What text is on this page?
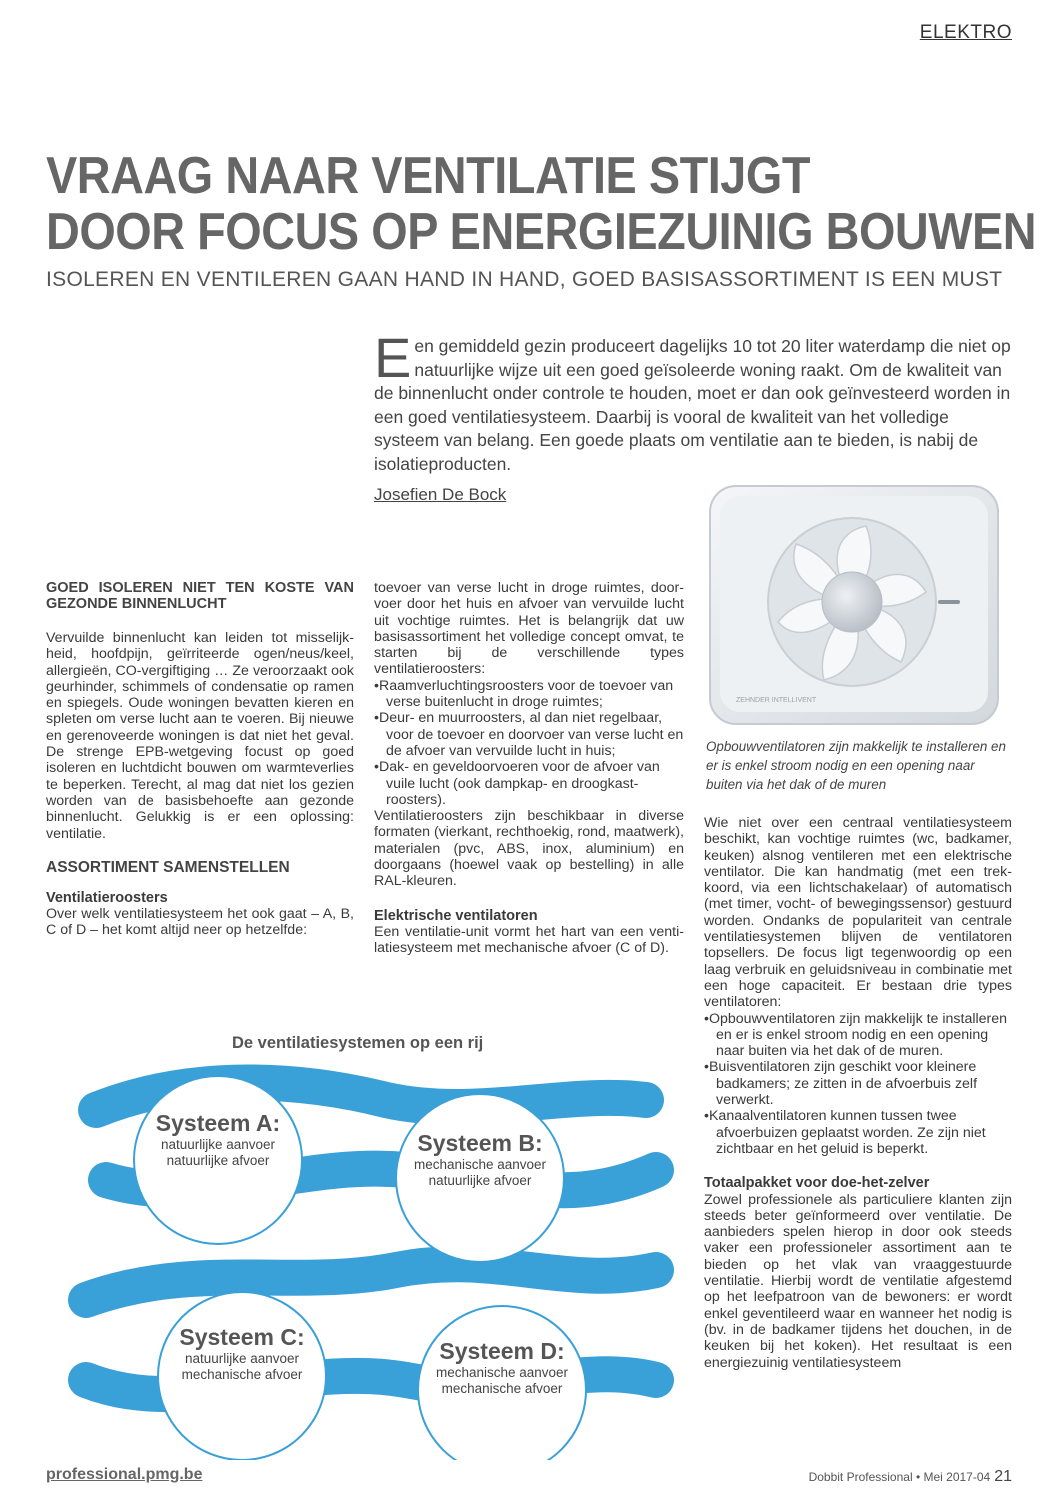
ELEKTRO
VRAAG NAAR VENTILATIE STIJGT
DOOR FOCUS OP ENERGIEZUINIG BOUWEN
ISOLEREN EN VENTILEREN GAAN HAND IN HAND, GOED BASISASSORTIMENT IS EEN MUST
Een gemiddeld gezin produceert dagelijks 10 tot 20 liter waterdamp die niet op natuurlijke wijze uit een goed geïsoleerde woning raakt. Om de kwaliteit van de binnenlucht onder controle te houden, moet er dan ook geïnvesteerd worden in een goed ventilatiesysteem. Daarbij is vooral de kwaliteit van het volledige systeem van belang. Een goede plaats om ventilatie aan te bieden, is nabij de isolatieproducten.
Josefien De Bock
GOED ISOLEREN NIET TEN KOSTE VAN GEZONDE BINNENLUCHT

Vervuilde binnenlucht kan leiden tot misselijkheid, hoofdpijn, geïrriteerde ogen/neus/keel, allergieën, CO-vergiftiging … Ze veroorzaakt ook geurhinder, schimmels of condensatie op ramen en spiegels. Oude woningen bevatten kieren en spleten om verse lucht aan te voeren. Bij nieuwe en gerenoveerde woningen is dat niet het geval. De strenge EPB-wetgeving focust op goed isoleren en luchtdicht bouwen om warmteverlies te beperken. Terecht, al mag dat niet los gezien worden van de basisbehoefte aan gezonde binnenlucht. Gelukkig is er een oplossing: ventilatie.

ASSORTIMENT SAMENSTELLEN
Ventilatieroosters

Over welk ventilatiesysteem het ook gaat – A, B, C of D – het komt altijd neer op hetzelfde:

toevoer van verse lucht in droge ruimtes, doorvoer door het huis en afvoer van vervuilde lucht uit vochtige ruimtes. Het is belangrijk dat uw basisassortiment het volledige concept omvat, te starten bij de verschillende types ventilatieroosters:

•Raamverluchtingsroosters voor de toevoer van verse buitenlucht in droge ruimtes;
•Deur- en muurroosters, al dan niet regelbaar, voor de toevoer en doorvoer van verse lucht en de afvoer van vervuilde lucht in huis;
•Dak- en geveldoorvoeren voor de afvoer van vuile lucht (ook dampkap- en droogkastroosters).

Ventilatieroosters zijn beschikbaar in diverse formaten (vierkant, rechthoekig, rond, maatwerk), materialen (pvc, ABS, inox, aluminium) en doorgaans (hoewel vaak op bestelling) in alle RAL-kleuren.

Elektrische ventilatoren

Een ventilatie-unit vormt het hart van een ventilatiesysteem met mechanische afvoer (C of D).

ZEHNDER INTELLIVENT
Opbouwventilatoren zijn makkelijk te installeren en er is enkel stroom nodig en een opening naar buiten via het dak of de muren

Wie niet over een centraal ventilatiesysteem beschikt, kan vochtige ruimtes (wc, badkamer, keuken) alsnog ventileren met een elektrische ventilator. Die kan handmatig (met een trekkoord, via een lichtschakelaar) of automatisch (met timer, vocht- of bewegingssensor) gestuurd worden. Ondanks de populariteit van centrale ventilatiesystemen blijven de ventilatoren topsellers. De focus ligt tegenwoordig op een laag verbruik en geluidsniveau in combinatie met een hoge capaciteit. Er bestaan drie types ventilatoren:

•Opbouwventilatoren zijn makkelijk te installeren en er is enkel stroom nodig en een opening naar buiten via het dak of de muren.
•Buisventilatoren zijn geschikt voor kleinere badkamers; ze zitten in de afvoerbuis zelf verwerkt.
•Kanaalventilatoren kunnen tussen twee afvoerbuizen geplaatst worden. Ze zijn niet zichtbaar en het geluid is beperkt.
Totaalpakket voor doe-het-zelver

Zowel professionele als particuliere klanten zijn steeds beter geïnformeerd over ventilatie. De aanbieders spelen hierop in door ook steeds vaker een professioneler assortiment aan te bieden op het vlak van vraaggestuurde ventilatie. Hierbij wordt de ventilatie afgestemd op het leefpatroon van de bewoners: er wordt enkel geventileerd waar en wanneer het nodig is (bv. in de badkamer tijdens het douchen, in de keuken bij het koken). Het resultaat is een energiezuinig ventilatiesysteem

De ventilatiesystemen op een rij
Systeem A:
natuurlijke aanvoer
natuurlijke afvoer
Systeem B:
mechanische aanvoer
natuurlijke afvoer
Systeem C:
natuurlijke aanvoer
mechanische afvoer
Systeem D:
mechanische aanvoer
mechanische afvoer
professional.pmg.be	Dobbit Professional • Mei 2017-04 21
